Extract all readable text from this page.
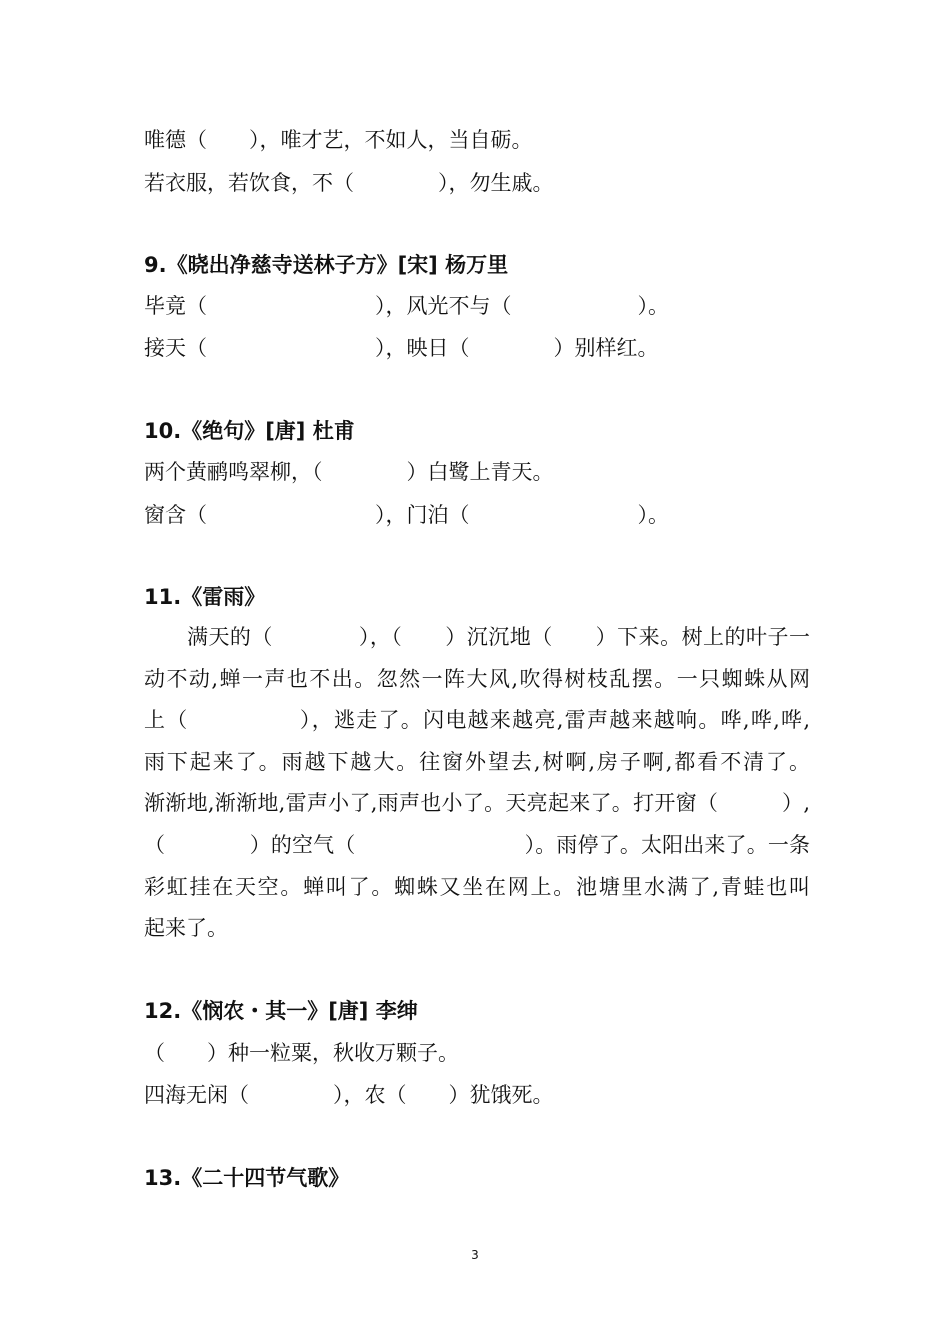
唯德（　　），唯才艺，不如人，当自砺。
若衣服，若饮食，不（　　　　），勿生戚。
9.《晓出净慈寺送林子方》[宋] 杨万里
毕竟（　　　　　　　　），风光不与（　　　　　　）。
接天（　　　　　　　　），映日（　　　　）别样红。
10.《绝句》[唐] 杜甫
两个黄鹂鸣翠柳，（　　　　）白鹭上青天。
窗含（　　　　　　　　），门泊（　　　　　　　　）。
11.《雷雨》
　　满天的（　　　　），（　　）沉沉地（　　）下来。树上的叶子一
动不动,蝉一声也不出。忽然一阵大风,吹得树枝乱摆。一只蜘蛛从网
上（　　　　　），逃走了。闪电越来越亮,雷声越来越响。哗,哗,哗,
雨下起来了。雨越下越大。往窗外望去,树啊,房子啊,都看不清了。
渐渐地,渐渐地,雷声小了,雨声也小了。天亮起来了。打开窗（　　　）,
（　　　　）的空气（　　　　　　　　）。雨停了。太阳出来了。一条
彩虹挂在天空。蝉叫了。蜘蛛又坐在网上。池塘里水满了,青蛙也叫
起来了。
12.《悯农・其一》[唐] 李绅
（　　）种一粒粟，秋收万颗子。
四海无闲（　　　　），农（　　）犹饿死。
13.《二十四节气歌》
3
